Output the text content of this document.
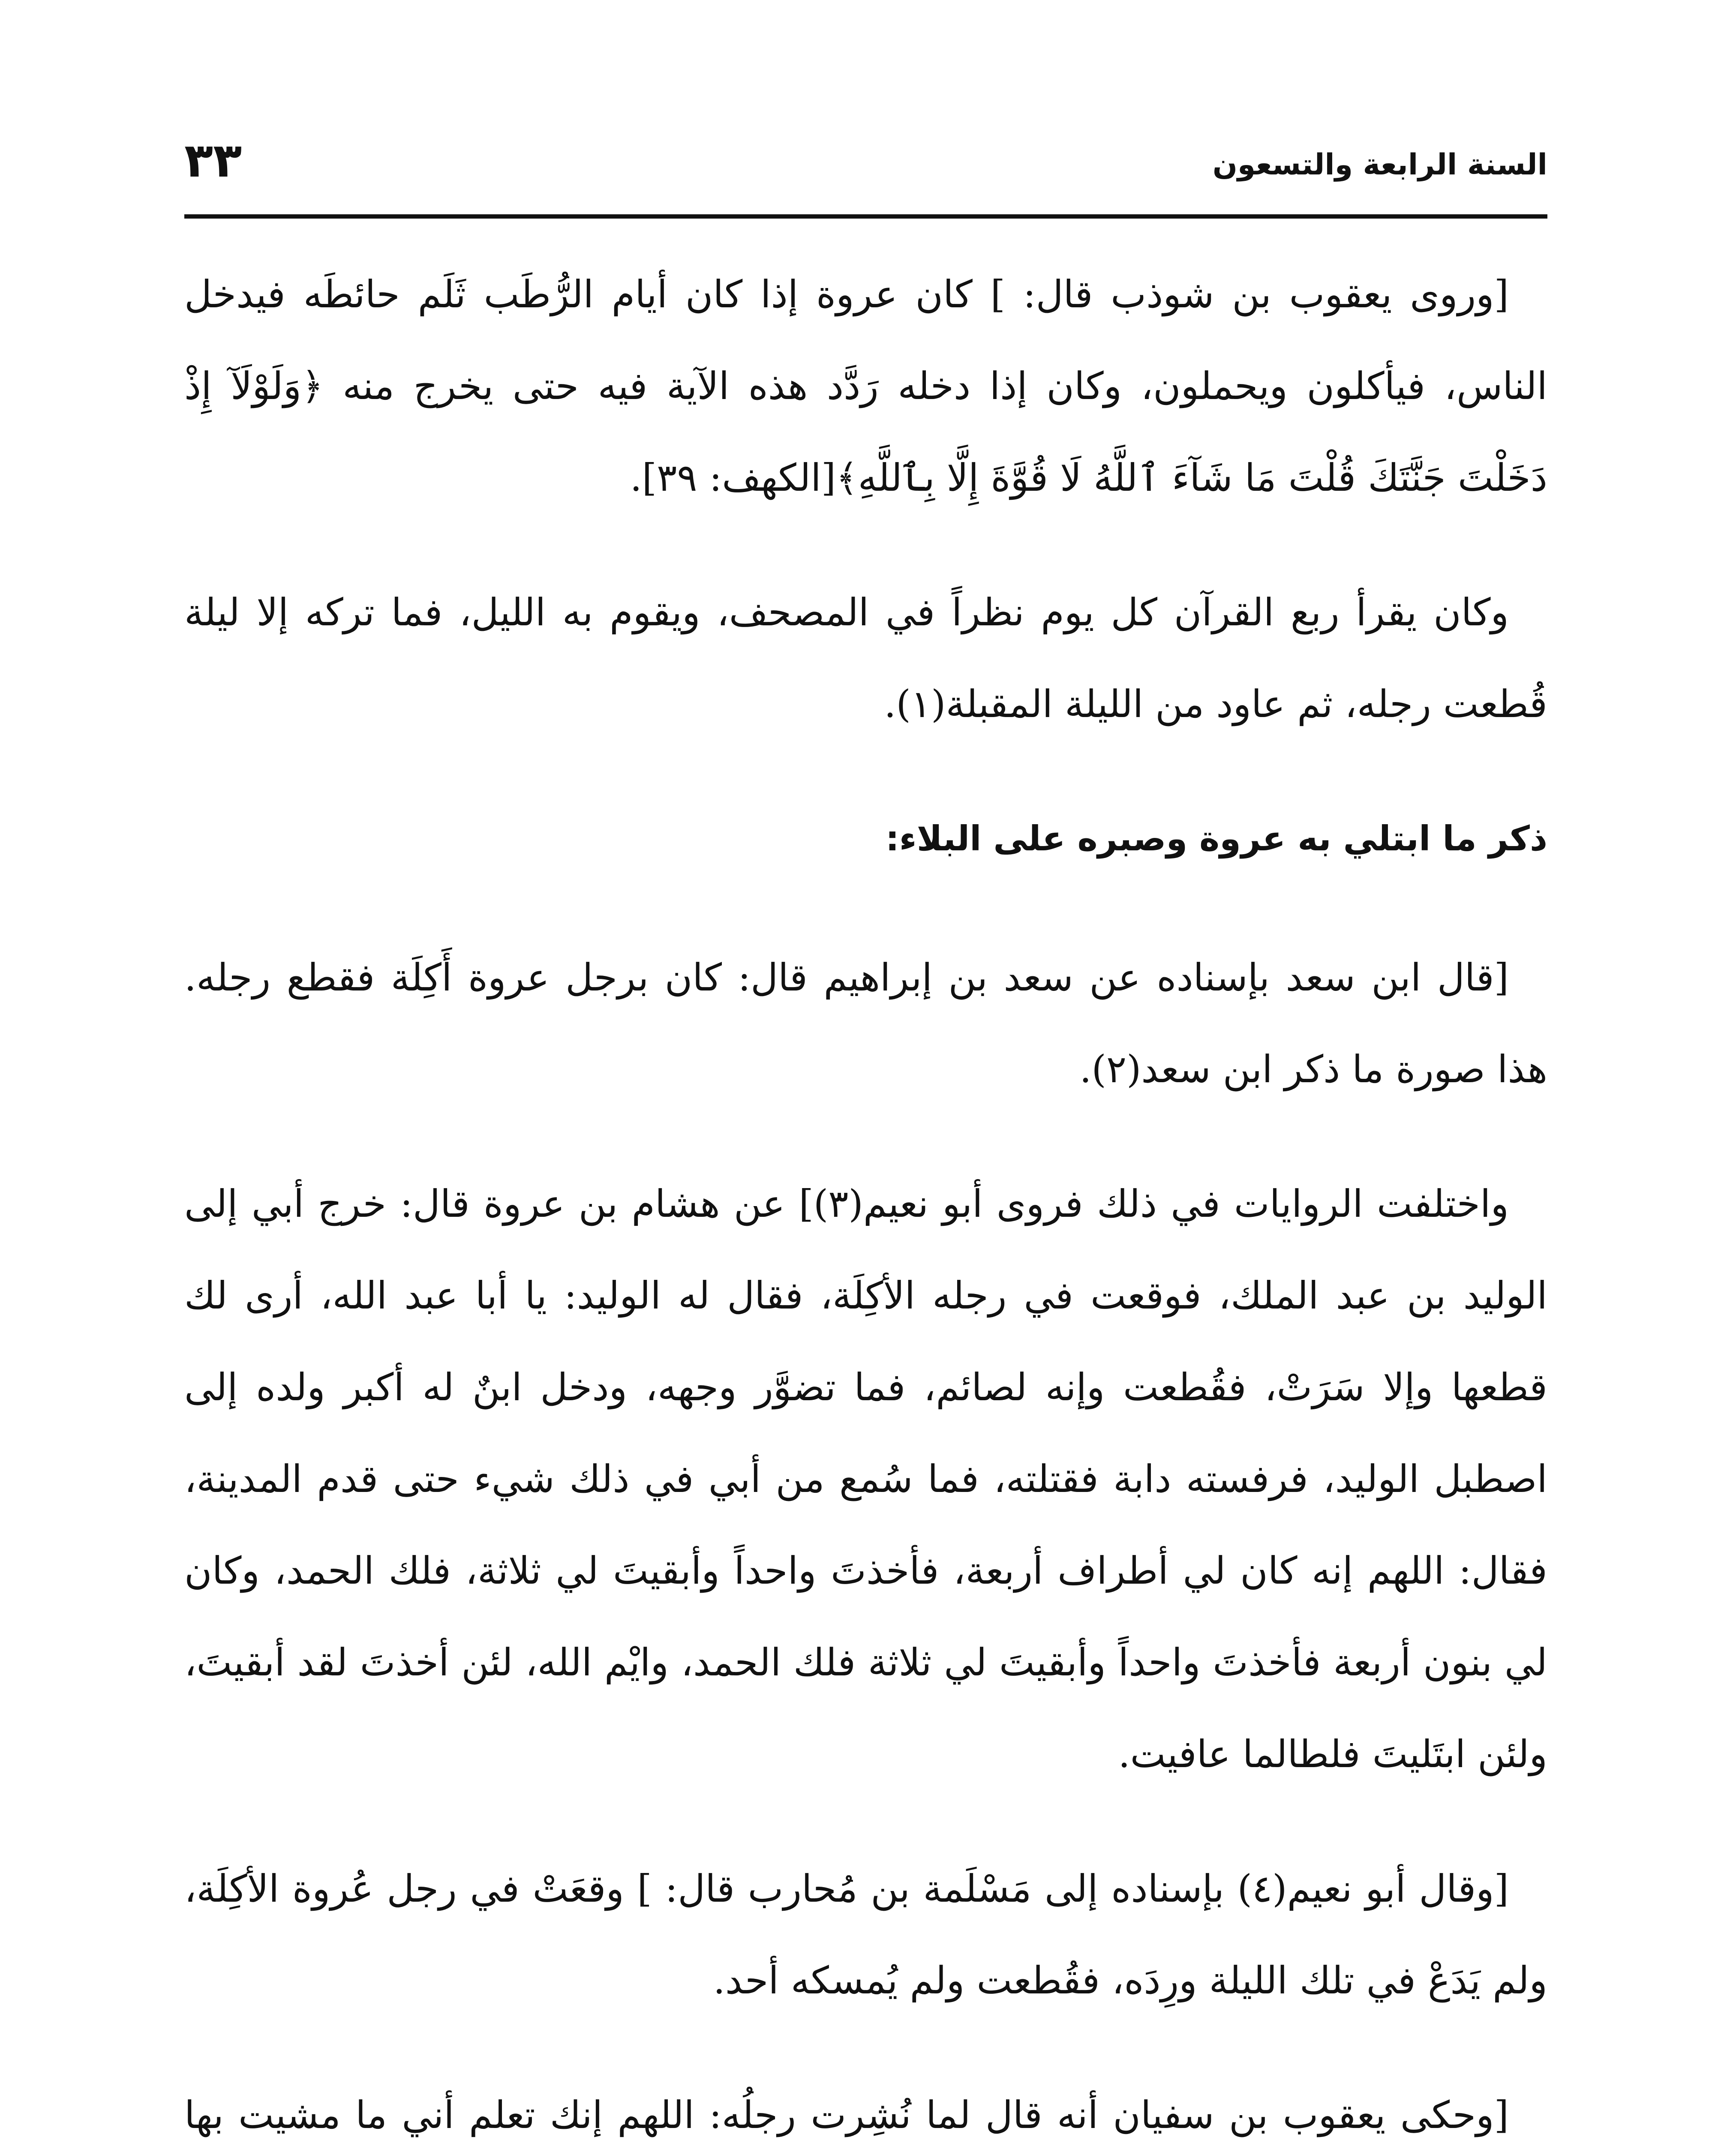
السنة الرابعة والتسعون
٣٣

[وروى يعقوب بن شوذب قال: ] كان عروة إذا كان أيام الرُّطَب ثَلَم حائطَه فيدخل الناس، فيأكلون ويحملون، وكان إذا دخله رَدَّد هذه الآية فيه حتى يخرج منه ﴿وَلَوْلَآ إِذْ دَخَلْتَ جَنَّتَكَ قُلْتَ مَا شَآءَ ٱللَّهُ لَا قُوَّةَ إِلَّا بِٱللَّهِ﴾[الكهف: ٣٩].

وكان يقرأ ربع القرآن كل يوم نظراً في المصحف، ويقوم به الليل، فما تركه إلا ليلة قُطعت رجله، ثم عاود من الليلة المقبلة(١).

ذكر ما ابتلي به عروة وصبره على البلاء:

[قال ابن سعد بإسناده عن سعد بن إبراهيم قال: كان برجل عروة أَكِلَة فقطع رجله. هذا صورة ما ذكر ابن سعد(٢).

واختلفت الروايات في ذلك فروى أبو نعيم(٣)] عن هشام بن عروة قال: خرج أبي إلى الوليد بن عبد الملك، فوقعت في رجله الأكِلَة، فقال له الوليد: يا أبا عبد الله، أرى لك قطعها وإلا سَرَتْ، فقُطعت وإنه لصائم، فما تضوَّر وجهه، ودخل ابنٌ له أكبر ولده إلى اصطبل الوليد، فرفسته دابة فقتلته، فما سُمع من أبي في ذلك شيء حتى قدم المدينة، فقال: اللهم إنه كان لي أطراف أربعة، فأخذتَ واحداً وأبقيتَ لي ثلاثة، فلك الحمد، وكان لي بنون أربعة فأخذتَ واحداً وأبقيتَ لي ثلاثة فلك الحمد، وايْم الله، لئن أخذتَ لقد أبقيتَ، ولئن ابتَليتَ فلطالما عافيت.

[وقال أبو نعيم(٤) بإسناده إلى مَسْلَمة بن مُحارب قال: ] وقعَتْ في رجل عُروة الأكِلَة، ولم يَدَعْ في تلك الليلة ورِدَه، فقُطعت ولم يُمسكه أحد.

[وحكى يعقوب بن سفيان أنه قال لما نُشِرت رجلُه: اللهم إنك تعلم أني ما مشيت بها
